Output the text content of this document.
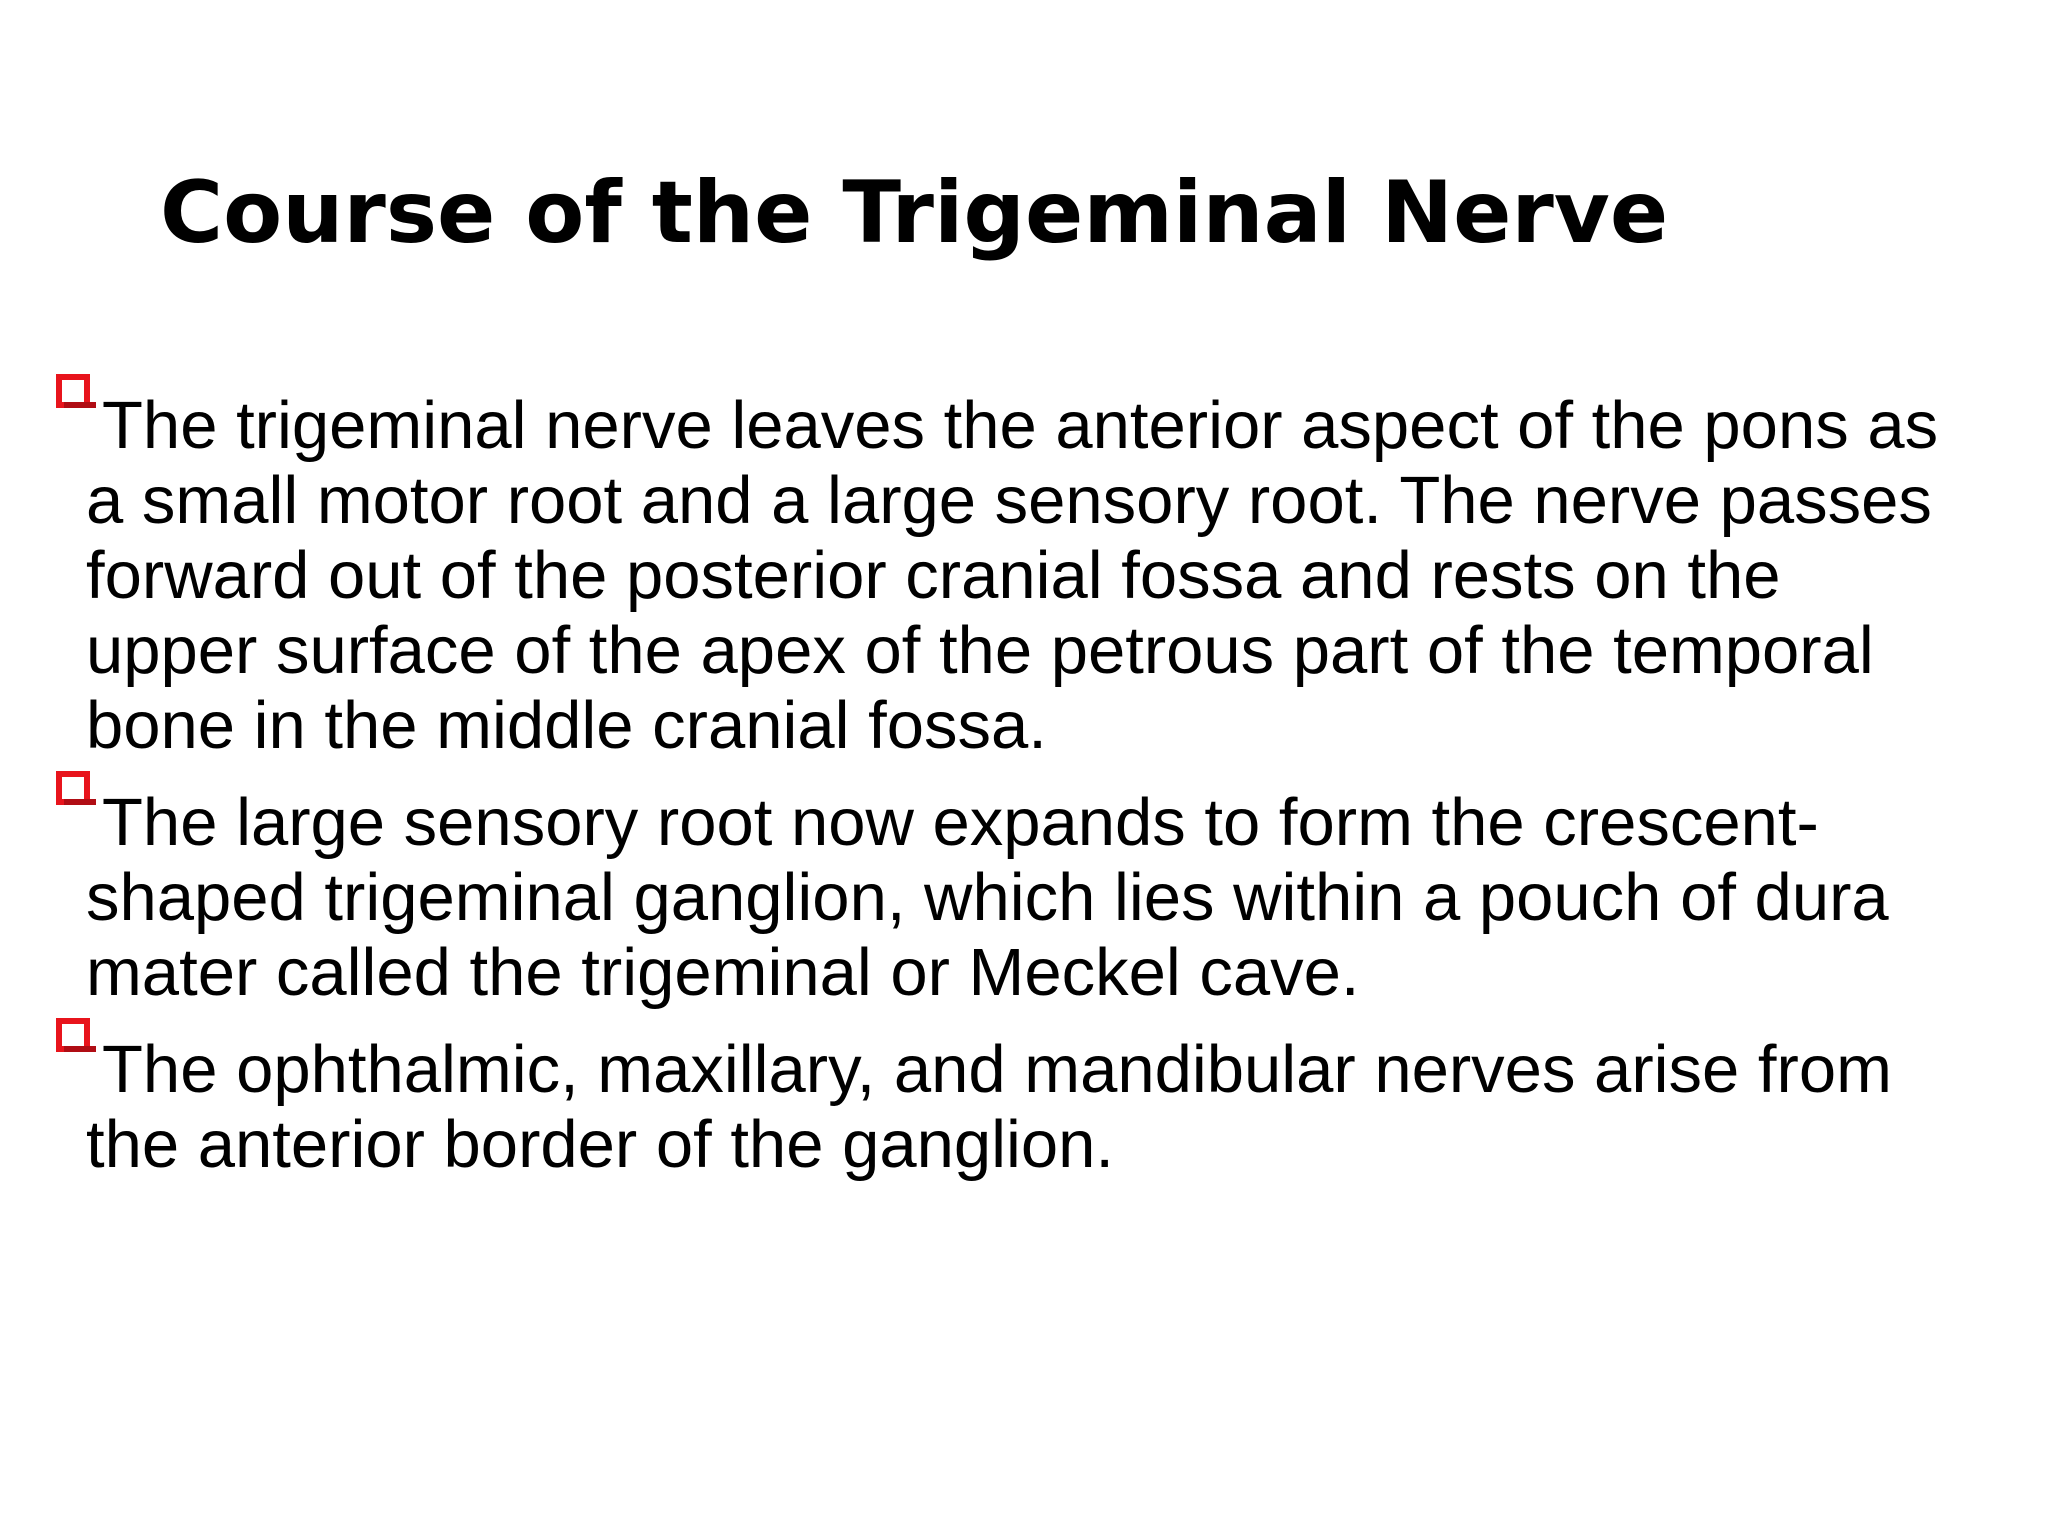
Course of the Trigeminal Nerve
The trigeminal nerve leaves the anterior aspect of the pons as
a small motor root and a large sensory root. The nerve passes
forward out of the posterior cranial fossa and rests on the
upper surface of the apex of the petrous part of the temporal
bone in the middle cranial fossa.
The large sensory root now expands to form the crescent-
shaped trigeminal ganglion, which lies within a pouch of dura
mater called the trigeminal or Meckel cave.
The ophthalmic, maxillary, and mandibular nerves arise from
the anterior border of the ganglion.
